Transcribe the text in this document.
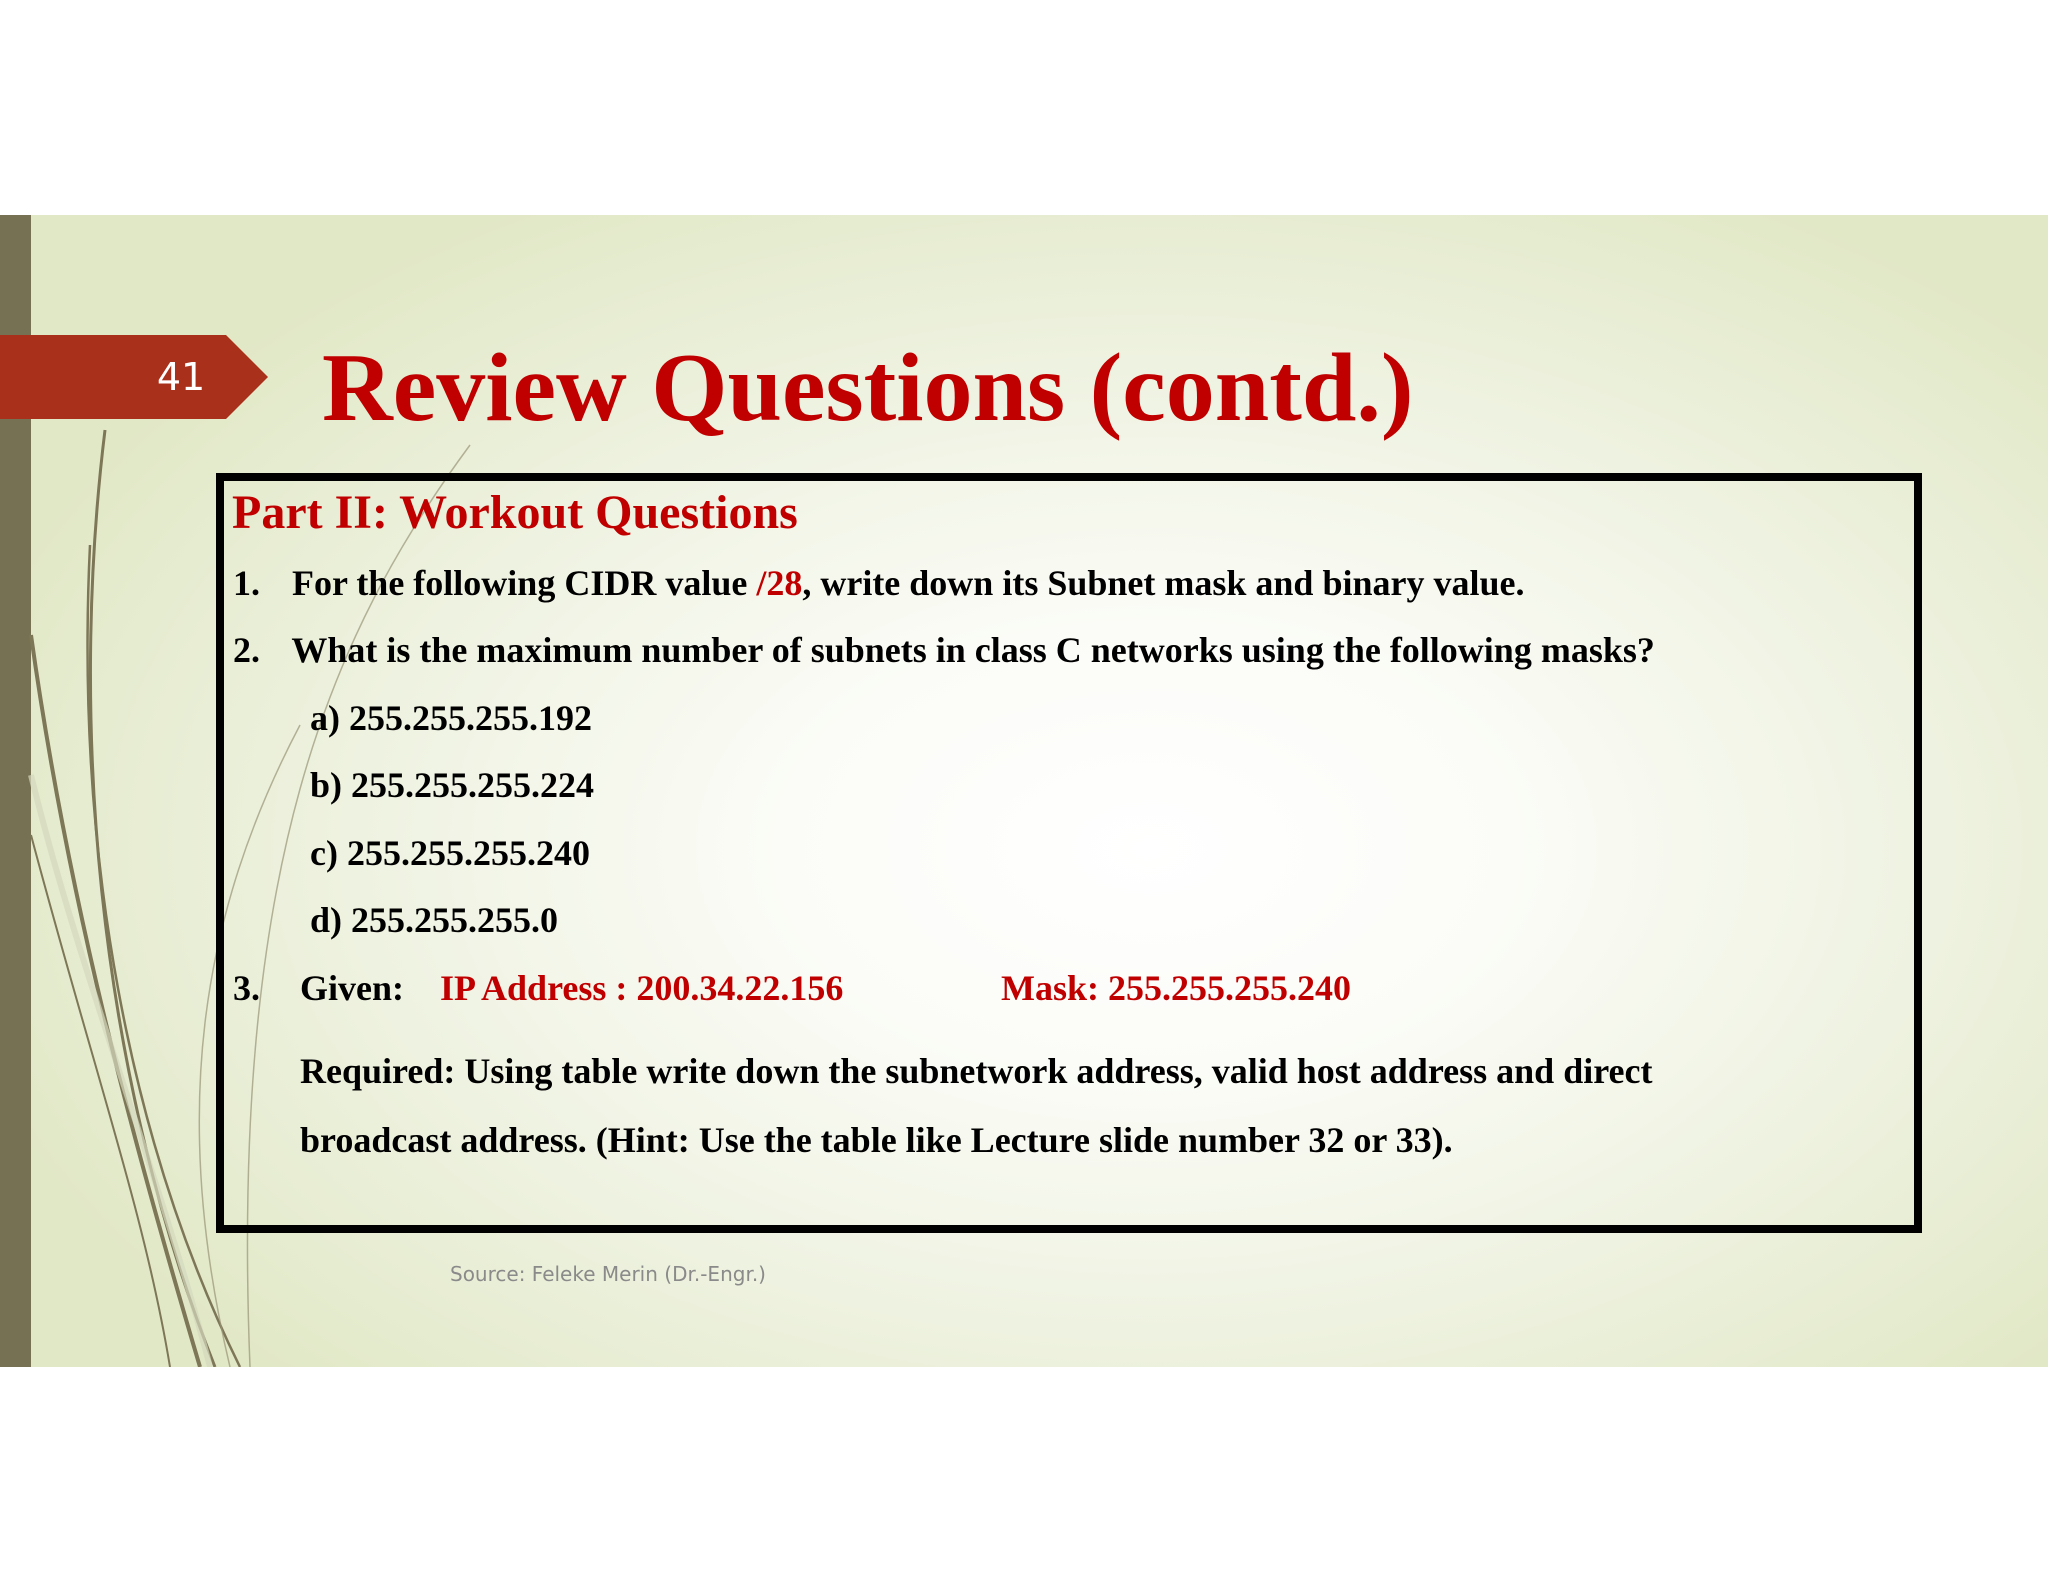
41 Review Questions (contd.)
Part II: Workout Questions
1. For the following CIDR value /28, write down its Subnet mask and binary value.
2. What is the maximum number of subnets in class C networks using the following masks?
a) 255.255.255.192
b) 255.255.255.224
c) 255.255.255.240
d) 255.255.255.0
3. Given: IP Address : 200.34.22.156	Mask: 255.255.255.240
Required: Using table write down the subnetwork address, valid host address and direct
broadcast address. (Hint: Use the table like Lecture slide number 32 or 33).
Source: Feleke Merin (Dr.-Engr.)
